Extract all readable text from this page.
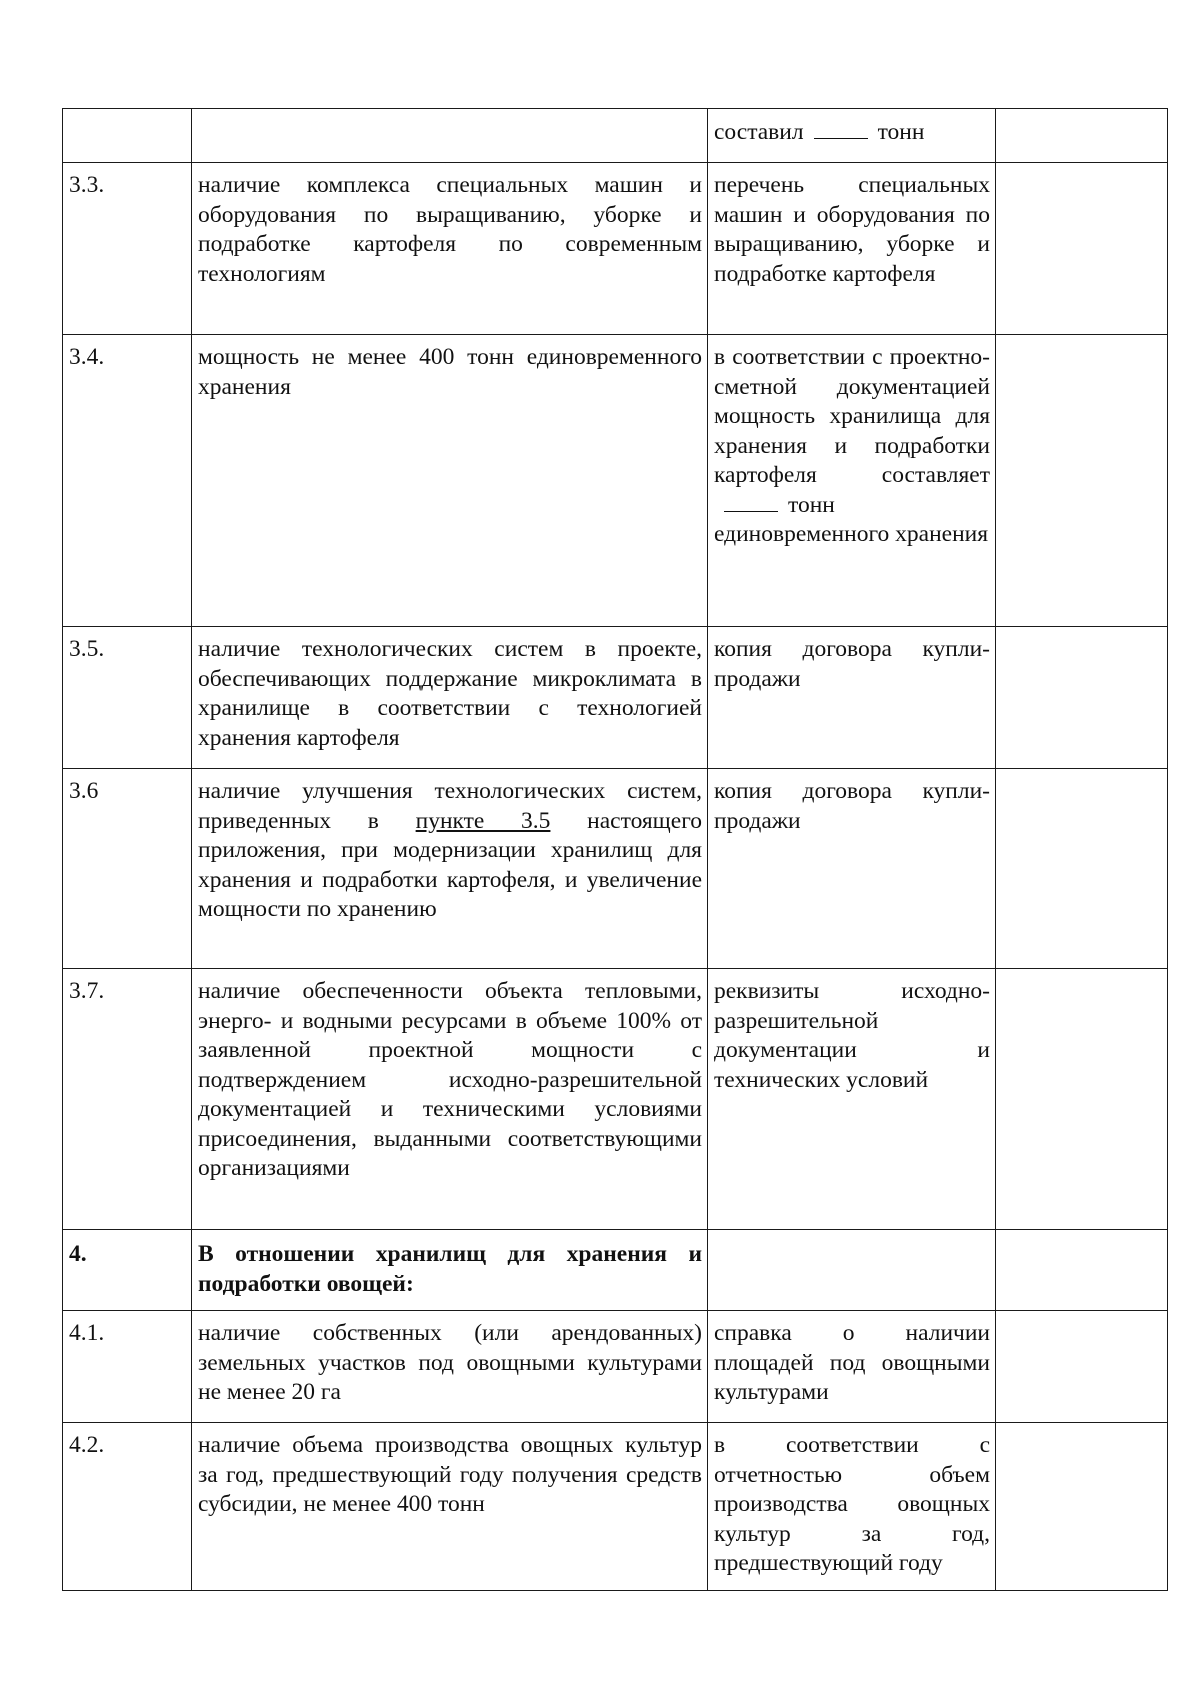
		составил тонн	
3.3.	наличие комплекса специальных машин и оборудования по выращиванию, уборке и подработке картофеля по современным технологиям	перечень специальных машин и оборудования по выращиванию, уборке и подработке картофеля	
3.4.	мощность не менее 400 тонн единовременного хранения	в соответствии с проектно-сметной документацией мощность хранилища для хранения и подработки картофеля составляеттонн единовременного хранения	
3.5.	наличие технологических систем в проекте, обеспечивающих поддержание микроклимата в хранилище в соответствии с технологией хранения картофеля	копия договора купли-продажи	
3.6	наличие улучшения технологических систем, приведенных в пункте 3.5 настоящего приложения, при модернизации хранилищ для хранения и подработки картофеля, и увеличение мощности по хранению	копия договора купли-продажи	
3.7.	наличие обеспеченности объекта тепловыми, энерго- и водными ресурсами в объеме 100% от заявленной проектной мощности с подтверждением исходно-разрешительной документацией и техническими условиями присоединения, выданными соответствующими организациями	реквизиты исходно-разрешительной документации и технических условий	
4.	В отношении хранилищ для хранения и подработки овощей:		
4.1.	наличие собственных (или арендованных) земельных участков под овощными культурами не менее 20 га	справка о наличии площадей под овощными культурами	
4.2.	наличие объема производства овощных культур за год, предшествующий году получения средств субсидии, не менее 400 тонн	в соответствии с отчетностью объем производства овощных культур за год, предшествующий году	
